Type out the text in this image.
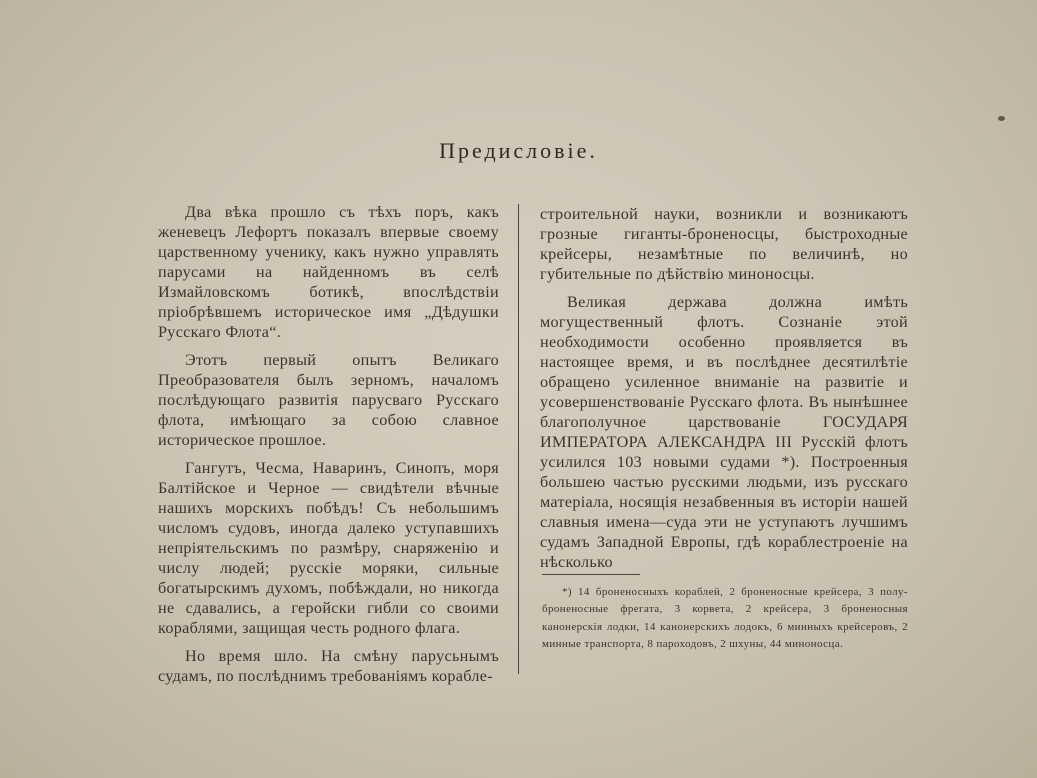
Предисловiе.

Два вѣка прошло съ тѣхъ поръ, какъ женевецъ Лефортъ показалъ впервые своему царственному ученику, какъ нужно управлять парусами на найденномъ въ селѣ Измайловскомъ ботикѣ, впослѣдствiи прiобрѣвшемъ историческое имя „Дѣдушки Русскаго Флота“.

Этотъ первый опытъ Великаго Преобразователя былъ зерномъ, началомъ послѣдующаго развитiя парусваго Русскаго флота, имѣющаго за собою славное историческое прошлое.

Гангутъ, Чесма, Наваринъ, Синопъ, моря Балтiйское и Черное — свидѣтели вѣчные нашихъ морскихъ побѣдъ! Съ небольшимъ числомъ судовъ, иногда далеко уступавшихъ непрiятельскимъ по размѣру, снаряженiю и числу людей; русскiе моряки, сильные богатырскимъ духомъ, побѣждали, но никогда не сдавались, а геройски гибли со своими кораблями, защищая честь родного флага.

Но время шло. На смѣну парусьнымъ судамъ, по послѣднимъ требованiямъ корабле-

строительной науки, возникли и возникаютъ грозные гиганты-броненосцы, быстроходные крейсеры, незамѣтные по величинѣ, но губительные по дѣйствiю миноносцы.

Великая держава должна имѣть могущественный флотъ. Сознанiе этой необходимости особенно проявляется въ настоящее время, и въ послѣднее десятилѣтiе обращено усиленное вниманiе на развитiе и усовершенствованiе Русскаго флота. Въ нынѣшнее благополучное царствованiе ГОСУДАРЯ ИМПЕРАТОРА АЛЕКСАНДРА III Русскiй флотъ усилился 103 новыми судами *). Построенныя большею частью русскими людьми, изъ русскаго матерiала, носящiя незабвенныя въ исторiи нашей славныя имена—суда эти не уступаютъ лучшимъ судамъ Западной Европы, гдѣ кораблестроенiе на нѣсколько

*) 14 броненосныхъ кораблей, 2 броненосные крейсера, 3 полу-броненосные фрегата, 3 корвета, 2 крейсера, 3 броненосныя канонерскiя лодки, 14 канонерскихъ лодокъ, 6 минныхъ крейсеровъ, 2 минные транспорта, 8 пароходовъ, 2 шхуны, 44 миноносца.
